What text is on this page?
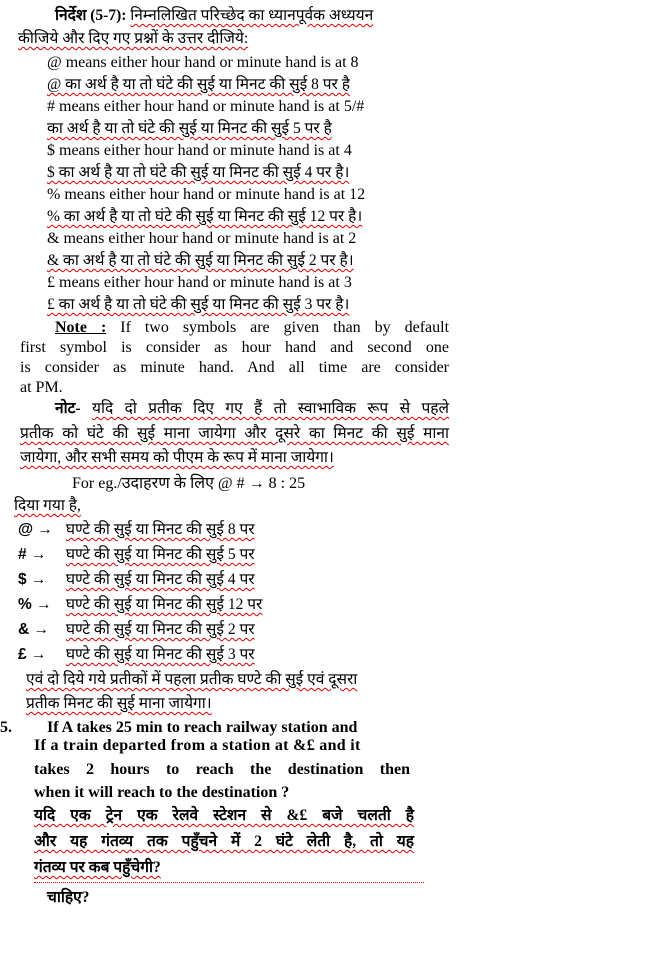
निर्देश (5-7): निम्नलिखित परिच्छेद का ध्यानपूर्वक अध्ययन
कीजिये और दिए गए प्रश्नों के उत्तर दीजिये:
@ means either hour hand or minute hand is at 8
@ का अर्थ है या तो घंटे की सुई या मिनट की सुई 8 पर है
# means either hour hand or minute hand is at 5/#
का अर्थ है या तो घंटे की सुई या मिनट की सुई 5 पर है
$ means either hour hand or minute hand is at 4
$ का अर्थ है या तो घंटे की सुई या मिनट की सुई 4 पर है।
% means either hour hand or minute hand is at 12
% का अर्थ है या तो घंटे की सुई या मिनट की सुई 12 पर है।
& means either hour hand or minute hand is at 2
& का अर्थ है या तो घंटे की सुई या मिनट की सुई 2 पर है।
£ means either hour hand or minute hand is at 3
£ का अर्थ है या तो घंटे की सुई या मिनट की सुई 3 पर है।
Note : If two symbols are given than by default
first symbol is consider as hour hand and second one
is consider as minute hand. And all time are consider
at PM.
नोट- यदि दो प्रतीक दिए गए हैं तो स्वाभाविक रूप से पहले
प्रतीक को घंटे की सुई माना जायेगा और दूसरे का मिनट की सुई माना
जायेगा, और सभी समय को पीएम के रूप में माना जायेगा।
For eg./उदाहरण के लिए @ # → 8 : 25
दिया गया है,
@ → घण्टे की सुई या मिनट की सुई 8 पर
# → घण्टे की सुई या मिनट की सुई 5 पर
$ → घण्टे की सुई या मिनट की सुई 4 पर
% → घण्टे की सुई या मिनट की सुई 12 पर
& → घण्टे की सुई या मिनट की सुई 2 पर
£ → घण्टे की सुई या मिनट की सुई 3 पर
एवं दो दिये गये प्रतीकों में पहला प्रतीक घण्टे की सुई एवं दूसरा
प्रतीक मिनट की सुई माना जायेगा।
5. If A takes 25 min to reach railway station and
If a train departed from a station at &£ and it
takes 2 hours to reach the destination then
when it will reach to the destination ?
यदि एक ट्रेन एक रेलवे स्टेशन से &£ बजे चलती है
और यह गंतव्य तक पहुँचने में 2 घंटे लेती है, तो यह
गंतव्य पर कब पहुँचेगी?
चाहिए?
